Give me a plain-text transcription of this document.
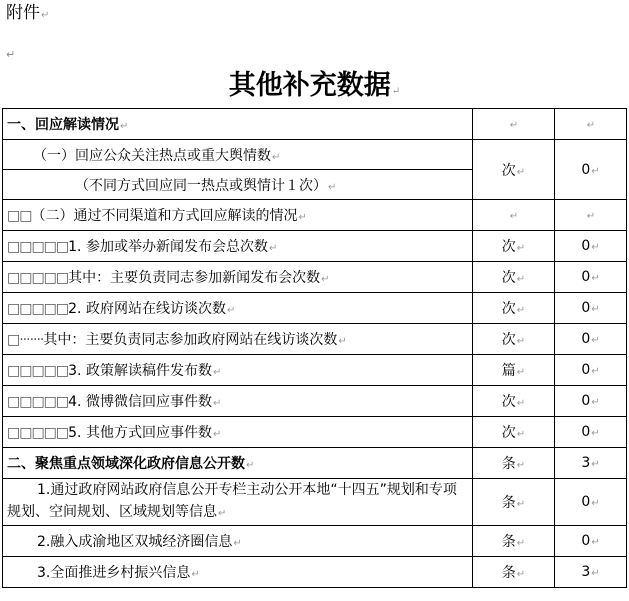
附件↵
↵
其他补充数据↵
一、回应解读情况↵	↵	↵
（一）回应公众关注热点或重大舆情数↵	次↵	0↵
（不同方式回应同一热点或舆情计１次）↵		
□□（二）通过不同渠道和方式回应解读的情况↵	↵	↵
□□□□□1. 参加或举办新闻发布会总次数↵	次↵	0↵
□□□□□其中：主要负责同志参加新闻发布会次数↵	次↵	0↵
□□□□□2. 政府网站在线访谈次数↵	次↵	0↵
□·······其中：主要负责同志参加政府网站在线访谈次数↵	次↵	0↵
□□□□□3. 政策解读稿件发布数↵	篇↵	0↵
□□□□□4. 微博微信回应事件数↵	次↵	0↵
□□□□□5. 其他方式回应事件数↵	次↵	0↵
二、聚焦重点领域深化政府信息公开数↵	条↵	3↵
1.通过政府网站政府信息公开专栏主动公开本地“十四五”规划和专项规划、空间规划、区域规划等信息↵	条↵	0↵
2.融入成渝地区双城经济圈信息↵	条↵	0↵
3.全面推进乡村振兴信息↵	条↵	3↵
